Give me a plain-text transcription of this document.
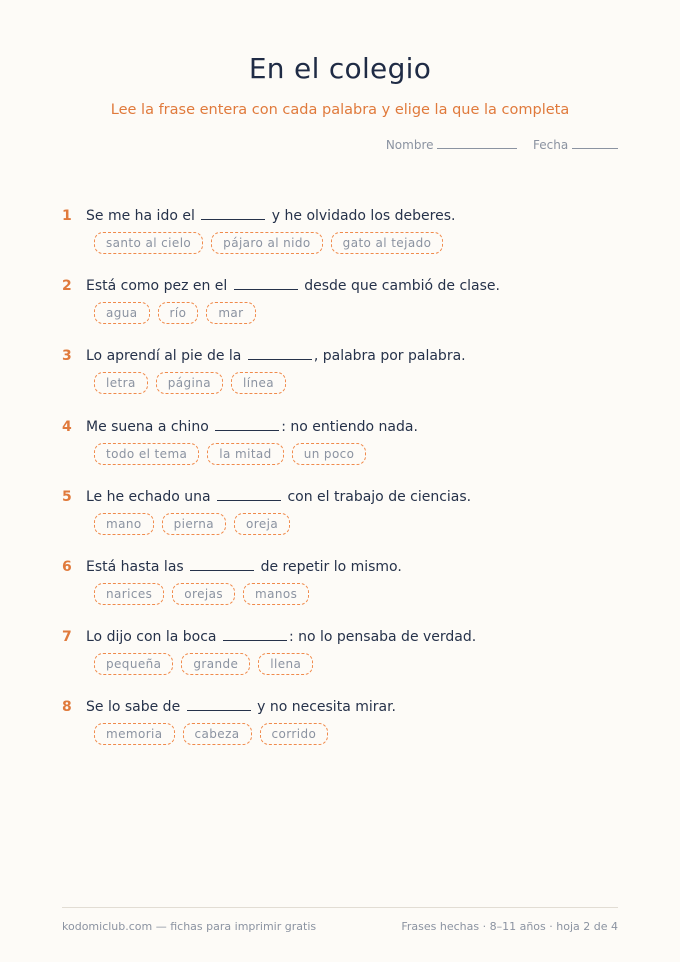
En el colegio
Lee la frase entera con cada palabra y elige la que la completa
Nombre	Fecha
1 Se me ha ido el	y he olvidado los deberes.
santo al cielo	pájaro al nido	gato al tejado
2 Está como pez en el	desde que cambió de clase.
agua	río	mar
3 Lo aprendí al pie de la	, palabra por palabra.
letra	página	línea
4 Me suena a chino	: no entiendo nada.
todo el tema	la mitad	un poco
5 Le he echado una	con el trabajo de ciencias.
mano	pierna	oreja
6 Está hasta las	de repetir lo mismo.
narices	orejas	manos
7 Lo dijo con la boca	: no lo pensaba de verdad.
pequeña	grande	llena
8 Se lo sabe de	y no necesita mirar.
memoria	cabeza	corrido
kodomiclub.com — fichas para imprimir gratis	Frases hechas · 8–11 años · hoja 2 de 4
